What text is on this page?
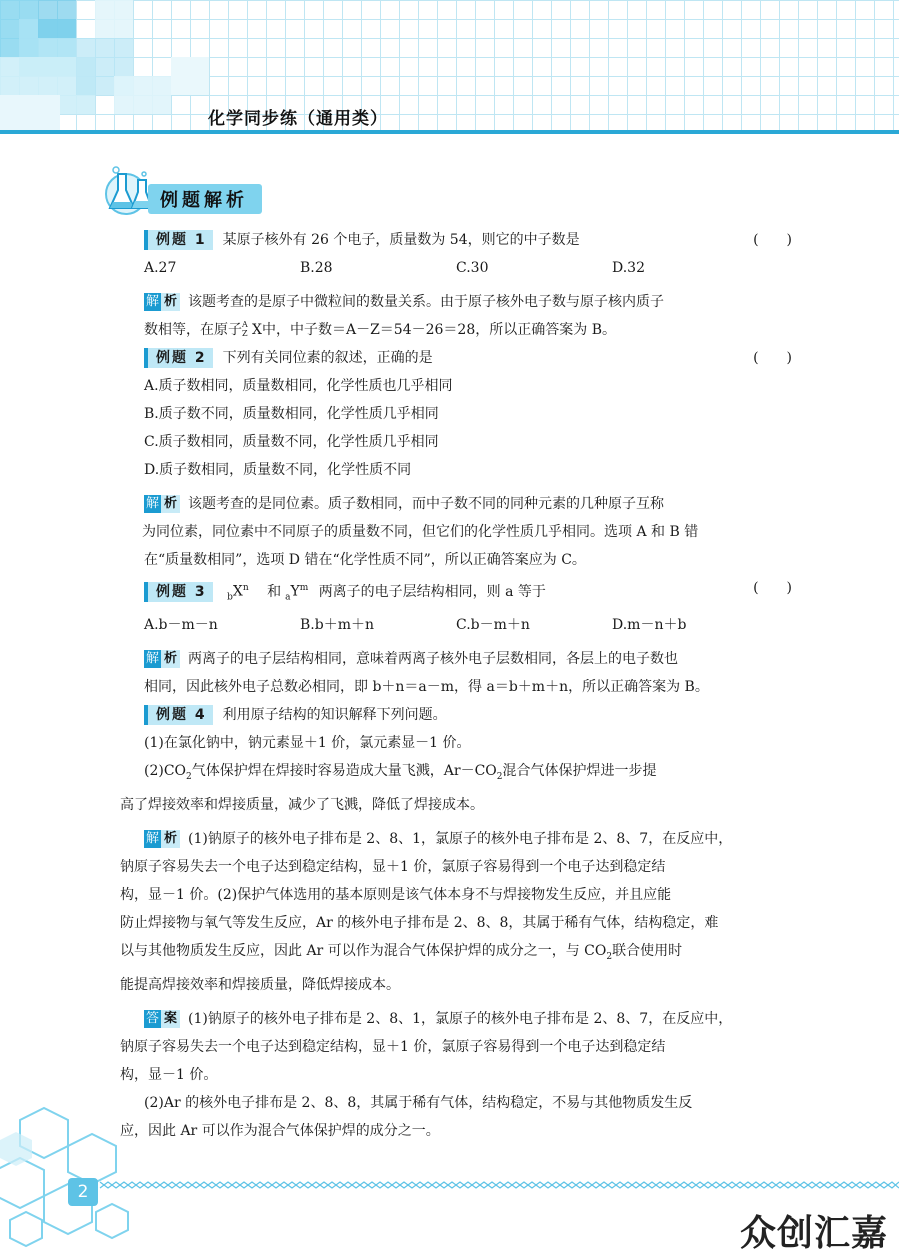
化学同步练（通用类）
例题解析
例题 1 某原子核外有 26 个电子，质量数为 54，则它的中子数是	(　　)
A.27	B.28	C.30	D.32
解 析 该题考查的是原子中微粒间的数量关系。由于原子核外电子数与原子核内质子
数相等，在原子 A
Z X中，中子数＝A－Z＝54－26＝28，所以正确答案为 B。
例题 2 下列有关同位素的叙述，正确的是	(　　)
A.质子数相同，质量数相同，化学性质也几乎相同
B.质子数不同，质量数相同，化学性质几乎相同
C.质子数相同，质量数不同，化学性质几乎相同
D.质子数相同，质量数不同，化学性质不同
解 析 该题考查的是同位素。质子数相同，而中子数不同的同种元素的几种原子互称
为同位素，同位素中不同原子的质量数不同，但它们的化学性质几乎相同。选项 A 和 B 错
在“质量数相同”，选项 D 错在“化学性质不同”，所以正确答案应为 C。
例题 3 $_bX^n$ 和 $_aY^m$ 两离子的电子层结构相同，则 a 等于	(　　)
A.b－m－n	B.b＋m＋n	C.b－m＋n	D.m－n＋b
解 析 两离子的电子层结构相同，意味着两离子核外电子层数相同，各层上的电子数也
相同，因此核外电子总数必相同，即 b＋n＝a－m，得 a＝b＋m＋n，所以正确答案为 B。
例题 4 利用原子结构的知识解释下列问题。
(1)在氯化钠中，钠元素显＋1 价，氯元素显－1 价。
$(2)CO_2$气体保护焊在焊接时容易造成大量飞溅，$Ar-CO_2$混合气体保护焊进一步提
高了焊接效率和焊接质量，减少了飞溅，降低了焊接成本。
解 析 (1)钠原子的核外电子排布是 2、8、1，氯原子的核外电子排布是 2、8、7，在反应中，
钠原子容易失去一个电子达到稳定结构，显＋1 价，氯原子容易得到一个电子达到稳定结
构，显－1 价。(2)保护气体选用的基本原则是该气体本身不与焊接物发生反应，并且应能
防止焊接物与氧气等发生反应，Ar 的核外电子排布是 2、8、8，其属于稀有气体，结构稳定，难
以与其他物质发生反应，因此 Ar 可以作为混合气体保护焊的成分之一，与 $CO_2$联合使用时
能提高焊接效率和焊接质量，降低焊接成本。
答 案 (1)钠原子的核外电子排布是 2、8、1，氯原子的核外电子排布是 2、8、7，在反应中，
钠原子容易失去一个电子达到稳定结构，显＋1 价，氯原子容易得到一个电子达到稳定结
构，显－1 价。
(2)Ar 的核外电子排布是 2、8、8，其属于稀有气体，结构稳定，不易与其他物质发生反
应，因此 Ar 可以作为混合气体保护焊的成分之一。
2
众创汇嘉
